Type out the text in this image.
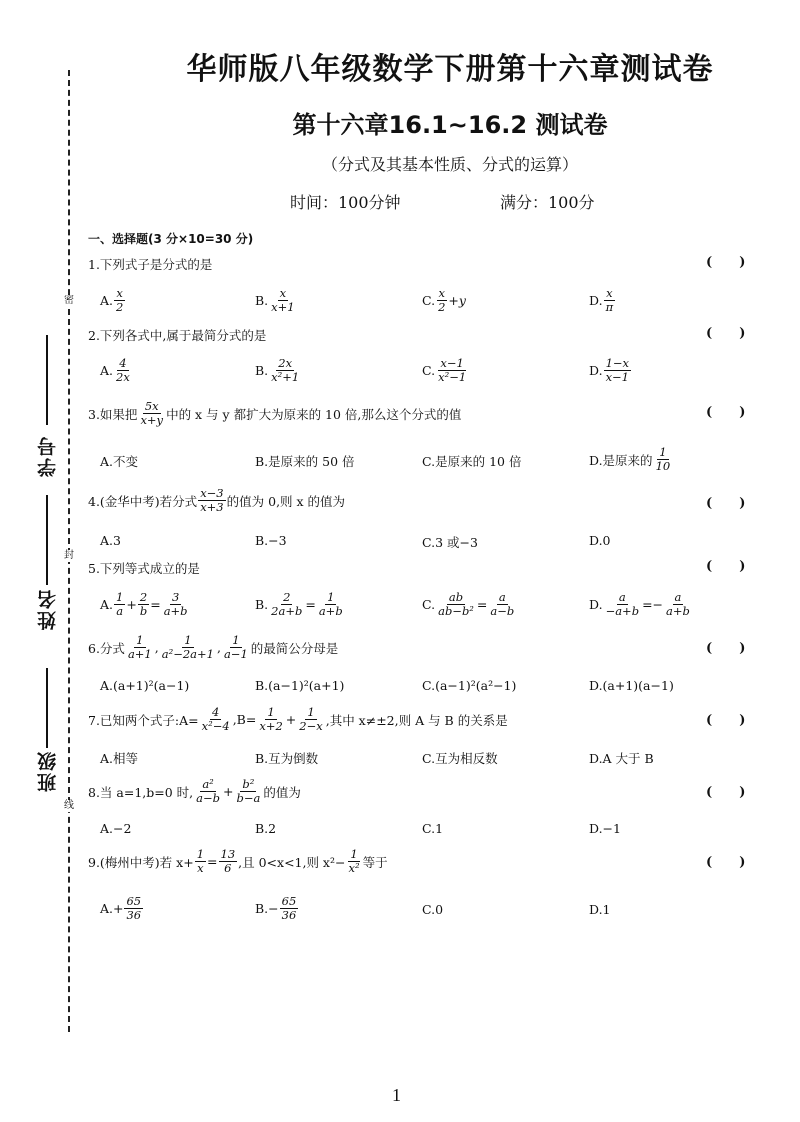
密
封
线
学号
姓名
班级
华师版八年级数学下册第十六章测试卷
第十六章16.1~16.2 测试卷
（分式及其基本性质、分式的运算）
时间：100分钟	满分：100分
一、选择题(3 分×10=30 分)
1.下列式子是分式的是	(      )
A. $\frac{x}{2}$	B. $\frac{x}{x+1}$	C. $\frac{x}{2} +y$	D. $\frac{x}{\pi}$
2.下列各式中,属于最简分式的是	(      )
A. $\frac{4}{2x}$	B. $\frac{2x}{\text{x²+1}}$	C. $\frac{x-1}{\text{x²−1}}$	D. $\frac{1-x}{x-1}$
3.如果把 $\frac{5x}{x+y}$ 中的 x 与 y 都扩大为原来的 10 倍,那么这个分式的值	(      )
A.不变	B.是原来的 50 倍	C.是原来的 10 倍	D.是原来的 $\frac{1}{10}$
4.(金华中考)若分式 $\frac{x-3}{x+3}$ 的值为 0,则 x 的值为	(      )
A.3	B.−3	C.3 或−3	D.0
5.下列等式成立的是	(      )
A. $\frac{1}{a} + \frac{2}{b} = \frac{3}{a+b}$	B. $\frac{2}{2a+b} = \frac{1}{a+b}$	C. $\frac{ab}{\text{ab−b²}} = \frac{a}{a-b}$	D. $\frac{a}{-a+b} =- \frac{a}{a+b}$
6.分式 $\frac{1}{a+1}$ , $\frac{1}{\text{a²−2a+1}}$ , $\frac{1}{a-1}$ 的最简公分母是	(      )
A.(a+1)²(a−1)	B.(a−1)²(a+1)	C.(a−1)²(a²−1)	D.(a+1)(a−1)
7.已知两个式子:A= $\frac{4}{\text{x²−4}} ,B= \frac{1}{x+2} + \frac{1}{2-x}$ ,其中 x≠±2,则 A 与 B 的关系是	(      )
A.相等	B.互为倒数	C.互为相反数	D.A 大于 B
8.当 a=1,b=0 时, $\frac{\text{a²}}{a-b} + \frac{\text{b²}}{b-a}$ 的值为	(      )
A.−2	B.2	C.1	D.−1
9.(梅州中考)若 $x+ \frac{1}{x} = \frac{13}{6}$ ,且 0<x<1,则 $x^2- \frac{1}{\text{x²}}$ 等于	(      )
$A.+ \frac{65}{36}$	$B.- \frac{65}{36}$	C.0	D.1
1
